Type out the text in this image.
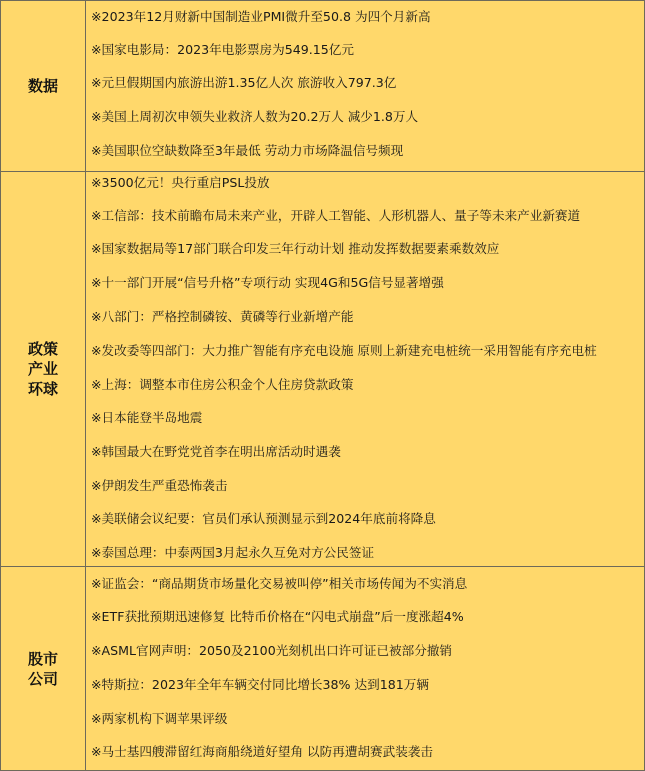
数据
※2023年12月财新中国制造业PMI微升至50.8 为四个月新高
※国家电影局：2023年电影票房为549.15亿元
※元旦假期国内旅游出游1.35亿人次 旅游收入797.3亿
※美国上周初次申领失业救济人数为20.2万人 减少1.8万人
※美国职位空缺数降至3年最低 劳动力市场降温信号频现
政策
产业
环球
※3500亿元！央行重启PSL投放
※工信部：技术前瞻布局未来产业，开辟人工智能、人形机器人、量子等未来产业新赛道
※国家数据局等17部门联合印发三年行动计划 推动发挥数据要素乘数效应
※十一部门开展“信号升格”专项行动 实现4G和5G信号显著增强
※八部门：严格控制磷铵、黄磷等行业新增产能
※发改委等四部门：大力推广智能有序充电设施 原则上新建充电桩统一采用智能有序充电桩
※上海：调整本市住房公积金个人住房贷款政策
※日本能登半岛地震
※韩国最大在野党党首李在明出席活动时遇袭
※伊朗发生严重恐怖袭击
※美联储会议纪要：官员们承认预测显示到2024年底前将降息
※泰国总理：中泰两国3月起永久互免对方公民签证
股市
公司
※证监会：“商品期货市场量化交易被叫停”相关市场传闻为不实消息
※ETF获批预期迅速修复 比特币价格在“闪电式崩盘”后一度涨超4%
※ASML官网声明：2050及2100光刻机出口许可证已被部分撤销
※特斯拉：2023年全年车辆交付同比增长38% 达到181万辆
※两家机构下调苹果评级
※马士基四艘滞留红海商船绕道好望角 以防再遭胡赛武装袭击
